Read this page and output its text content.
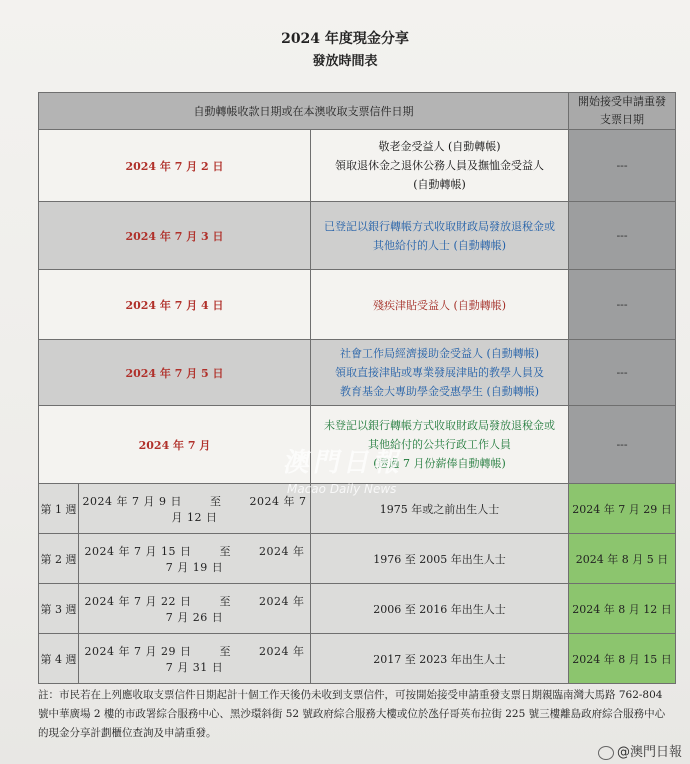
2024 年度現金分享
發放時間表
自動轉帳收款日期或在本澳收取支票信件日期			開始接受申請重發
支票日期

2024 年 7 月 2 日		敬老金受益人 (自動轉帳)
領取退休金之退休公務人員及撫恤金受益人
(自動轉帳)	---
2024 年 7 月 3 日		已登記以銀行轉帳方式收取財政局發放退稅金或
其他給付的人士 (自動轉帳)	---
2024 年 7 月 4 日		殘疾津貼受益人 (自動轉帳)	---
2024 年 7 月 5 日		社會工作局經濟援助金受益人 (自動轉帳)
領取直接津貼或專業發展津貼的教學人員及
教育基金大專助學金受惠學生 (自動轉帳)	---
2024 年 7 月		未登記以銀行轉帳方式收取財政局發放退稅金或
其他給付的公共行政工作人員
(透過 7 月份薪俸自動轉帳)	---
第 1 週	2024 年 7 月 9 日 至 2024 年 7 月 12 日	1975 年或之前出生人士	2024 年 7 月 29 日
第 2 週	2024 年 7 月 15 日 至 2024 年 7 月 19 日	1976 至 2005 年出生人士	2024 年 8 月 5 日
第 3 週	2024 年 7 月 22 日 至 2024 年 7 月 26 日	2006 至 2016 年出生人士	2024 年 8 月 12 日
第 4 週	2024 年 7 月 29 日 至 2024 年 7 月 31 日	2017 至 2023 年出生人士	2024 年 8 月 15 日
澳門日報
Macao Daily News
註：市民若在上列應收取支票信件日期起計十個工作天後仍未收到支票信件，可按開始接受申請重發支票日期親臨南灣大馬路 762-804 號中華廣場 2 樓的市政署綜合服務中心、黑沙環斜街 52 號政府綜合服務大樓或位於氹仔哥英布拉街 225 號三樓離島政府綜合服務中心的現金分享計劃櫃位查詢及申請重發。
@澳門日報
